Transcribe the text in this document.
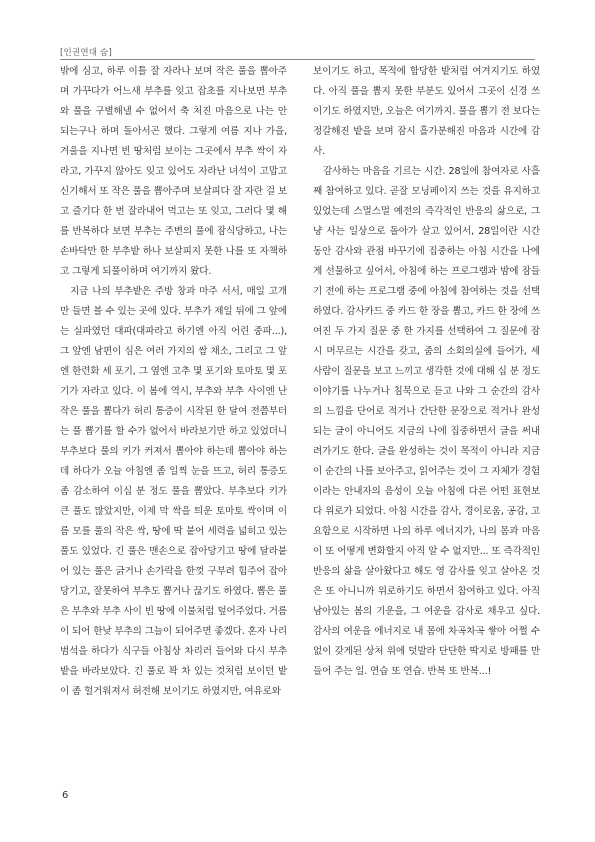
[인권연대 숨]

밖에 심고, 하루 이틀 잘 자라나 보며 작은 풀을 뽑아주며 가꾸다가 어느새 부추를 잊고 잡초를 지나보면 부추와 풀을 구별해낼 수 없어서 축 처진 마음으로 나는 안 되는구나 하며 돌아서곤 했다. 그렇게 여름 지나 가을, 겨울을 지나면 빈 땅처럼 보이는 그곳에서 부추 싹이 자라고, 가꾸지 않아도 잊고 있어도 자라난 녀석이 고맙고 신기해서 또 작은 풀을 뽑아주며 보살피다 잘 자란 걸 보고 즐기다 한 번 잘라내어 먹고는 또 잊고, 그러다 몇 해를 반복하다 보면 부추는 주변의 풀에 잠식당하고, 나는 손바닥만 한 부추밭 하나 보살피지 못한 나를 또 자책하고 그렇게 되풀이하며 여기까지 왔다.

지금 나의 부추밭은 주방 창과 마주 서서, 매일 고개만 들면 볼 수 있는 곳에 있다. 부추가 제일 뒤에 그 앞에는 실파였던 대파(대파라고 하기엔 아직 어린 중파...), 그 앞엔 남편이 심은 여러 가지의 쌈 채소, 그리고 그 앞엔 한련화 세 포기, 그 옆엔 고추 몇 포기와 토마토 몇 포기가 자라고 있다. 이 봄에 역시, 부추와 부추 사이엔 난 작은 풀을 뽑다가 허리 통증이 시작된 한 달여 전쯤부터는 풀 뽑기를 할 수가 없어서 바라보기만 하고 있었더니 부추보다 풀의 키가 커져서 뽑아야 하는데 뽑아야 하는데 하다가 오늘 아침엔 좀 일찍 눈을 뜨고, 허리 통증도 좀 감소하여 이십 분 정도 풀을 뽑았다. 부추보다 키가 큰 풀도 많았지만, 이제 막 싹을 틔운 토마토 싹이며 이름 모를 풀의 작은 싹, 땅에 딱 붙어 세력을 넓히고 있는 풀도 있었다. 긴 풀은 맨손으로 잡아당기고 땅에 달라붙어 있는 풀은 긁거나 손가락을 한껏 구부려 힘주어 잡아당기고, 잘못하여 부추도 뽑거나 끊기도 하였다. 뽑은 풀은 부추와 부추 사이 빈 땅에 이불처럼 덮어주었다. 거름이 되어 한낮 부추의 그늘이 되어주면 좋겠다. 혼자 나리범석을 하다가 식구들 아침상 차리러 들어와 다시 부추밭을 바라보았다. 긴 풀로 꽉 차 있는 것처럼 보이던 밭이 좀 헐거워져서 허전해 보이기도 하였지만, 여유로와

보이기도 하고, 목적에 합당한 밭처럼 여겨지기도 하였다. 아직 풀을 뽑지 못한 부분도 있어서 그곳이 신경 쓰이기도 하였지만, 오늘은 여기까지. 풀을 뽑기 전 보다는 정갈해진 밭을 보며 잠시 흘가분해진 마음과 시간에 감사.

감사하는 마음을 기르는 시간. 28일에 참여자로 사흘 째 참여하고 있다. 곧잘 모닝페이지 쓰는 것을 유지하고 있었는데 스멀스멀 예전의 즉각적인 반응의 삶으로, 그냥 사는 일상으로 돌아가 살고 있어서, 28일이란 시간 동안 감사와 관점 바꾸기에 집중하는 아침 시간을 나에게 선물하고 싶어서, 아침에 하는 프로그램과 밤에 잠들기 전에 하는 프로그램 중에 아침에 참여하는 것을 선택하였다. 감사카드 중 카드 한 장을 뽑고, 카드 한 장에 쓰여진 두 가지 질문 중 한 가지를 선택하여 그 질문에 잠시 머무르는 시간을 갖고, 줌의 소회의실에 들어가, 세 사람이 질문을 보고 느끼고 생각한 것에 대해 십 분 정도 이야기를 나누거나 침묵으로 듣고 나와 그 순간의 감사의 느낌을 단어로 적거나 간단한 문장으로 적거나 완성되는 글이 아니어도 지금의 나에 집중하면서 글을 써내려가기도 한다. 글을 완성하는 것이 목적이 아니라 지금 이 순간의 나를 보아주고, 읽어주는 것이 그 자체가 경험이라는 안내자의 음성이 오늘 아침에 다른 어떤 표현보다 위로가 되었다. 아침 시간을 감사, 경이로움, 공감, 고요함으로 시작하면 나의 하루 에너지가, 나의 몸과 마음이 또 어떻게 변화할지 아직 알 수 없지만... 또 즉각적인 반응의 삶을 살아왔다고 해도 영 감사를 잊고 살아온 것은 또 아니니까 위로하기도 하면서 참여하고 있다. 아직 남아있는 봄의 기운을, 그 여운을 감사로 채우고 싶다. 감사의 여운을 에너지로 내 몸에 차곡차곡 쌓아 어쩔 수 없이 갖게된 상처 위에 덧발라 단단한 딱지로 방패를 만들어 주는 일. 연습 또 연습. 반복 또 반복...!

6
